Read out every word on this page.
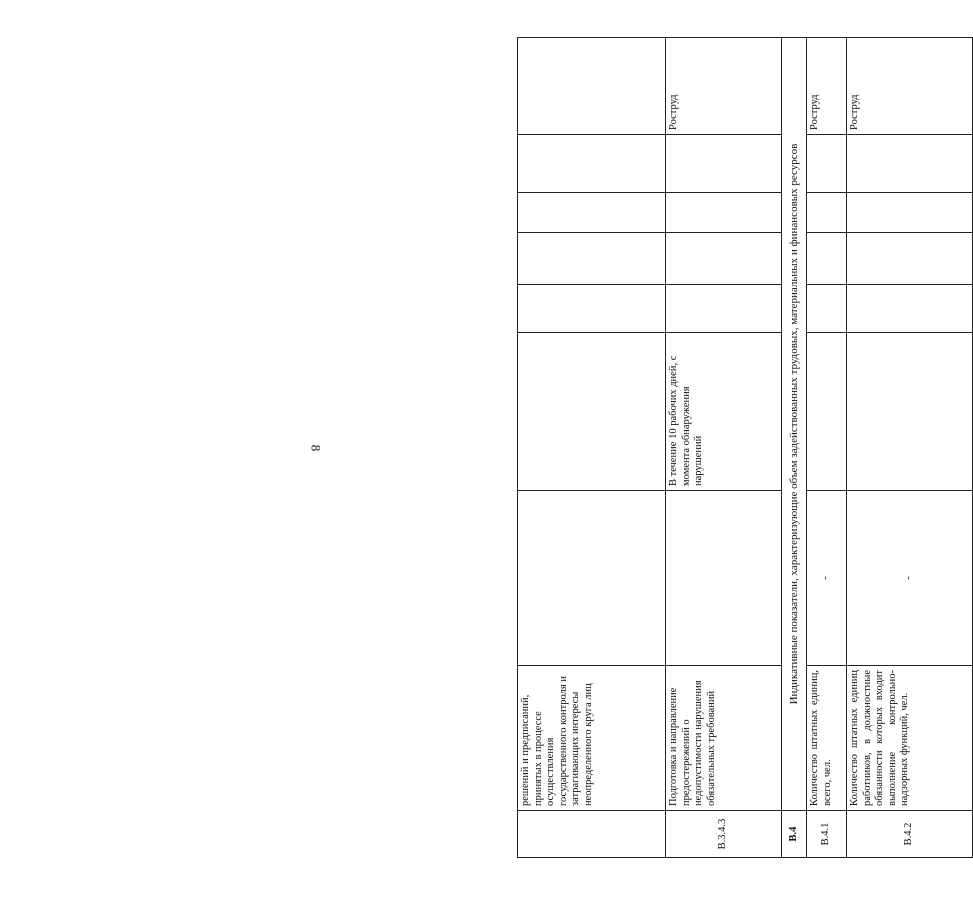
8
	решений и предписаний, принятых в процессе осуществления государственного контроля и затрагивающих интересы неопределенного круга лиц							
В.3.4.3	Подготовка и направление предостережений о недопустимости нарушения обязательных требований		В течение 10 рабочих дней, с момента обнаружения нарушений					Роструд
В.4	Индикативные показатели, характеризующие объем задействованных трудовых, материальных и финансовых ресурсов							
В.4.1	Количество штатных единиц, всего, чел.	-						Роструд
В.4.2	Количество штатных единиц работников, в должностные обязанности которых входит выполнение контрольно-надзорных функций, чел.	-						Роструд
